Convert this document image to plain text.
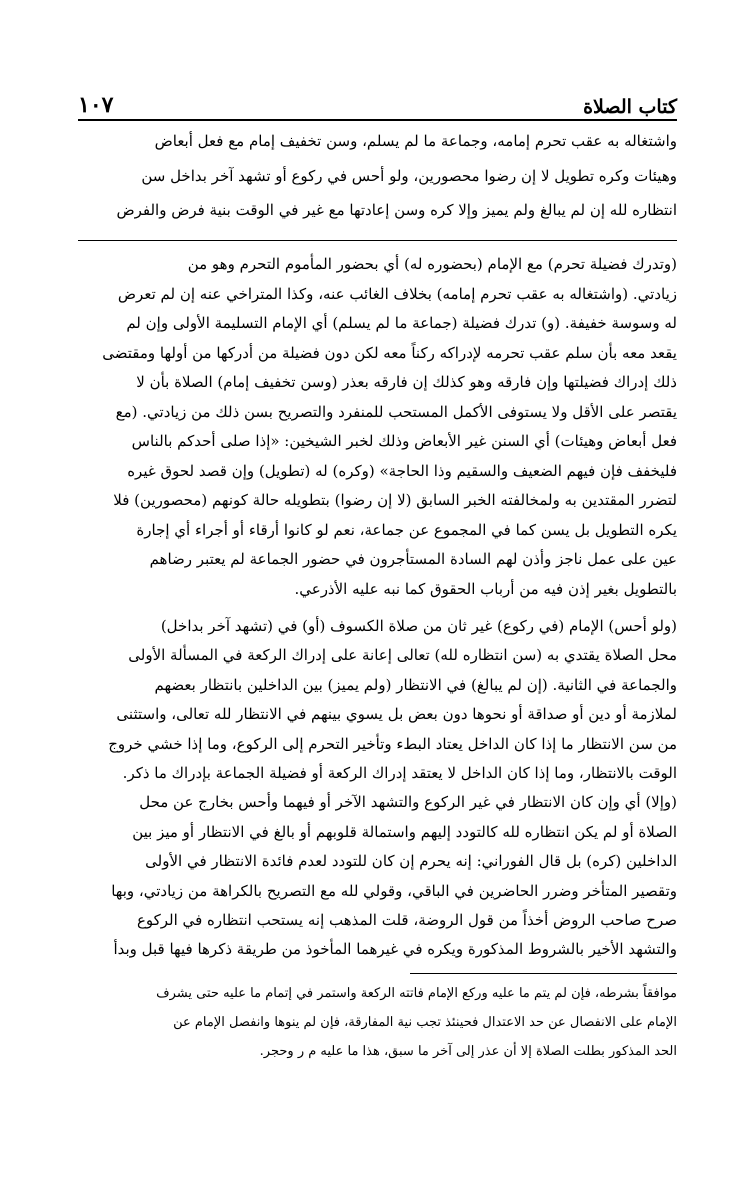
كتاب الصلاة
١٠٧
واشتغاله به عقب تحرم إمامه، وجماعة ما لم يسلم، وسن تخفيف إمام مع فعل أبعاض
وهيئات وكره تطويل لا إن رضوا محصورين، ولو أحس في ركوع أو تشهد آخر بداخل سن
انتظاره لله إن لم يبالغ ولم يميز وإلا كره وسن إعادتها مع غير في الوقت بنية فرض والفرض
(وتدرك فضيلة تحرم) مع الإمام (بحضوره له) أي بحضور المأموم التحرم وهو من
زيادتي. (واشتغاله به عقب تحرم إمامه) بخلاف الغائب عنه، وكذا المتراخي عنه إن لم تعرض
له وسوسة خفيفة. (و) تدرك فضيلة (جماعة ما لم يسلم) أي الإمام التسليمة الأولى وإن لم
يقعد معه بأن سلم عقب تحرمه لإدراكه ركناً معه لكن دون فضيلة من أدركها من أولها ومقتضى
ذلك إدراك فضيلتها وإن فارقه وهو كذلك إن فارقه بعذر (وسن تخفيف إمام) الصلاة بأن لا
يقتصر على الأقل ولا يستوفى الأكمل المستحب للمنفرد والتصريح بسن ذلك من زيادتي. (مع
فعل أبعاض وهيئات) أي السنن غير الأبعاض وذلك لخبر الشيخين: «إذا صلى أحدكم بالناس
فليخفف فإن فيهم الضعيف والسقيم وذا الحاجة» (وكره) له (تطويل) وإن قصد لحوق غيره
لتضرر المقتدين به ولمخالفته الخبر السابق (لا إن رضوا) بتطويله حالة كونهم (محصورين) فلا
يكره التطويل بل يسن كما في المجموع عن جماعة، نعم لو كانوا أرقاء أو أجراء أي إجارة
عين على عمل ناجز وأذن لهم السادة المستأجرون في حضور الجماعة لم يعتبر رضاهم
بالتطويل بغير إذن فيه من أرباب الحقوق كما نبه عليه الأذرعي.
(ولو أحس) الإمام (في ركوع) غير ثان من صلاة الكسوف (أو) في (تشهد آخر بداخل)
محل الصلاة يقتدي به (سن انتظاره لله) تعالى إعانة على إدراك الركعة في المسألة الأولى
والجماعة في الثانية. (إن لم يبالغ) في الانتظار (ولم يميز) بين الداخلين بانتظار بعضهم
لملازمة أو دين أو صداقة أو نحوها دون بعض بل يسوي بينهم في الانتظار لله تعالى، واستثنى
من سن الانتظار ما إذا كان الداخل يعتاد البطء وتأخير التحرم إلى الركوع، وما إذا خشي خروج
الوقت بالانتظار، وما إذا كان الداخل لا يعتقد إدراك الركعة أو فضيلة الجماعة بإدراك ما ذكر.
(وإلا) أي وإن كان الانتظار في غير الركوع والتشهد الآخر أو فيهما وأحس بخارج عن محل
الصلاة أو لم يكن انتظاره لله كالتودد إليهم واستمالة قلوبهم أو بالغ في الانتظار أو ميز بين
الداخلين (كره) بل قال الفوراني: إنه يحرم إن كان للتودد لعدم فائدة الانتظار في الأولى
وتقصير المتأخر وضرر الحاضرين في الباقي، وقولي لله مع التصريح بالكراهة من زيادتي، وبها
صرح صاحب الروض أخذاً من قول الروضة، قلت المذهب إنه يستحب انتظاره في الركوع
والتشهد الأخير بالشروط المذكورة ويكره في غيرهما المأخوذ من طريقة ذكرها فيها قبل وبدأ
موافقاً بشرطه، فإن لم يتم ما عليه وركع الإمام فاتته الركعة واستمر في إتمام ما عليه حتى يشرف
الإمام على الانفصال عن حد الاعتدال فحينئذ تجب نية المفارقة، فإن لم ينوها وانفصل الإمام عن
الحد المذكور بطلت الصلاة إلا أن عذر إلى آخر ما سبق، هذا ما عليه م ر وحجر.
